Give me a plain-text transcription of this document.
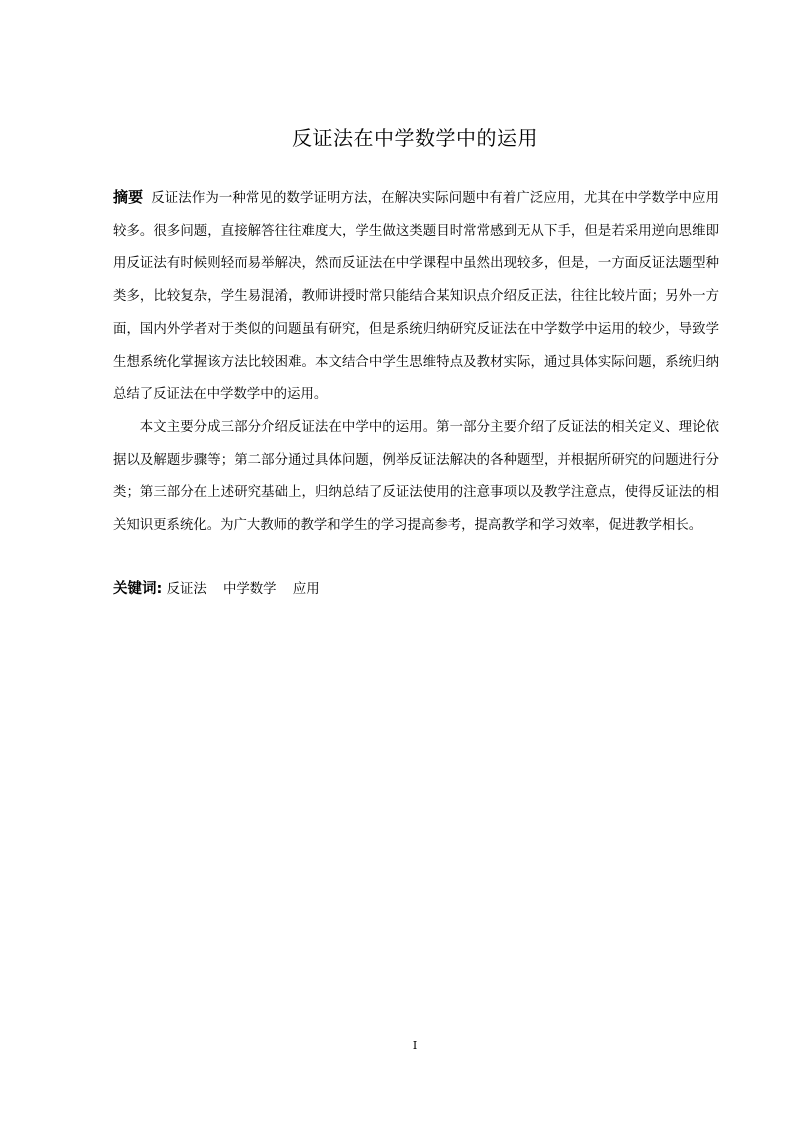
反证法在中学数学中的运用

摘要 反证法作为一种常见的数学证明方法，在解决实际问题中有着广泛应用，尤其在中学数学中应用较多。很多问题，直接解答往往难度大，学生做这类题目时常常感到无从下手，但是若采用逆向思维即用反证法有时候则轻而易举解决，然而反证法在中学课程中虽然出现较多，但是，一方面反证法题型种类多，比较复杂，学生易混淆，教师讲授时常只能结合某知识点介绍反正法，往往比较片面；另外一方面，国内外学者对于类似的问题虽有研究，但是系统归纳研究反证法在中学数学中运用的较少，导致学生想系统化掌握该方法比较困难。本文结合中学生思维特点及教材实际，通过具体实际问题，系统归纳总结了反证法在中学数学中的运用。

本文主要分成三部分介绍反证法在中学中的运用。第一部分主要介绍了反证法的相关定义、理论依据以及解题步骤等；第二部分通过具体问题，例举反证法解决的各种题型，并根据所研究的问题进行分类；第三部分在上述研究基础上，归纳总结了反证法使用的注意事项以及教学注意点，使得反证法的相关知识更系统化。为广大教师的教学和学生的学习提高参考，提高教学和学习效率，促进教学相长。

关键词: 反证法 中学数学 应用
I
